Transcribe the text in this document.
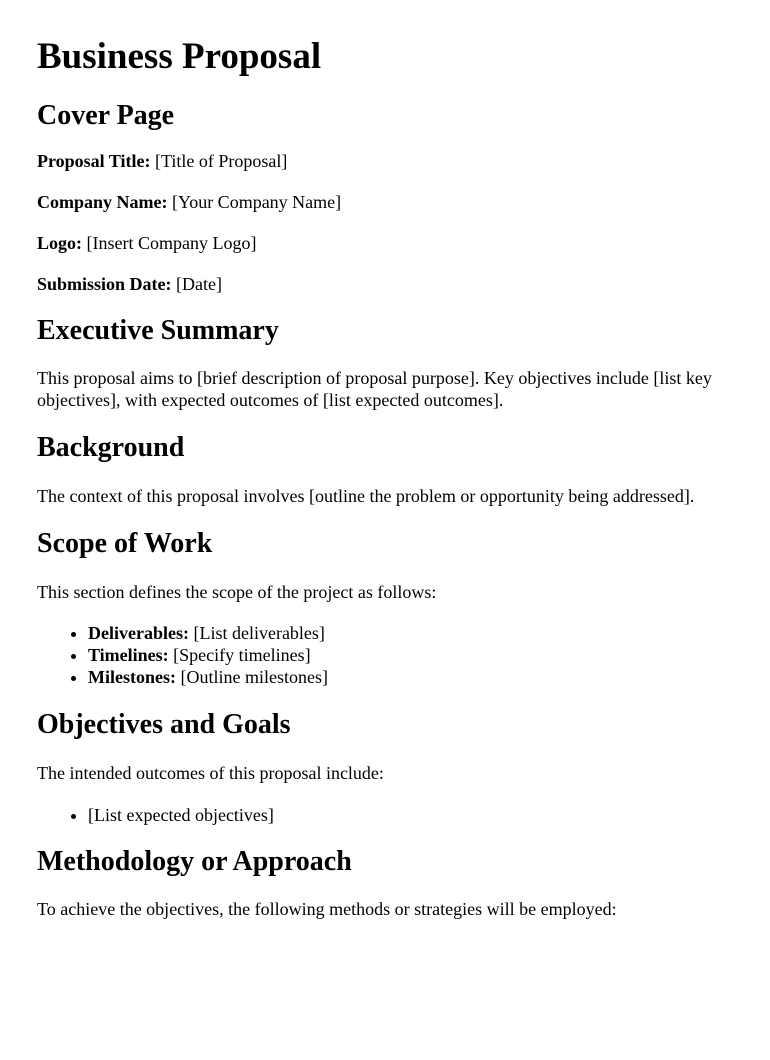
Business Proposal
Cover Page

Proposal Title: [Title of Proposal]

Company Name: [Your Company Name]

Logo: [Insert Company Logo]

Submission Date: [Date]

Executive Summary

This proposal aims to [brief description of proposal purpose]. Key objectives include [list key objectives], with expected outcomes of [list expected outcomes].

Background

The context of this proposal involves [outline the problem or opportunity being addressed].

Scope of Work

This section defines the scope of the project as follows:

• Deliverables: [List deliverables]
• Timelines: [Specify timelines]
• Milestones: [Outline milestones]
Objectives and Goals

The intended outcomes of this proposal include:

• [List expected objectives]
Methodology or Approach

To achieve the objectives, the following methods or strategies will be employed:
